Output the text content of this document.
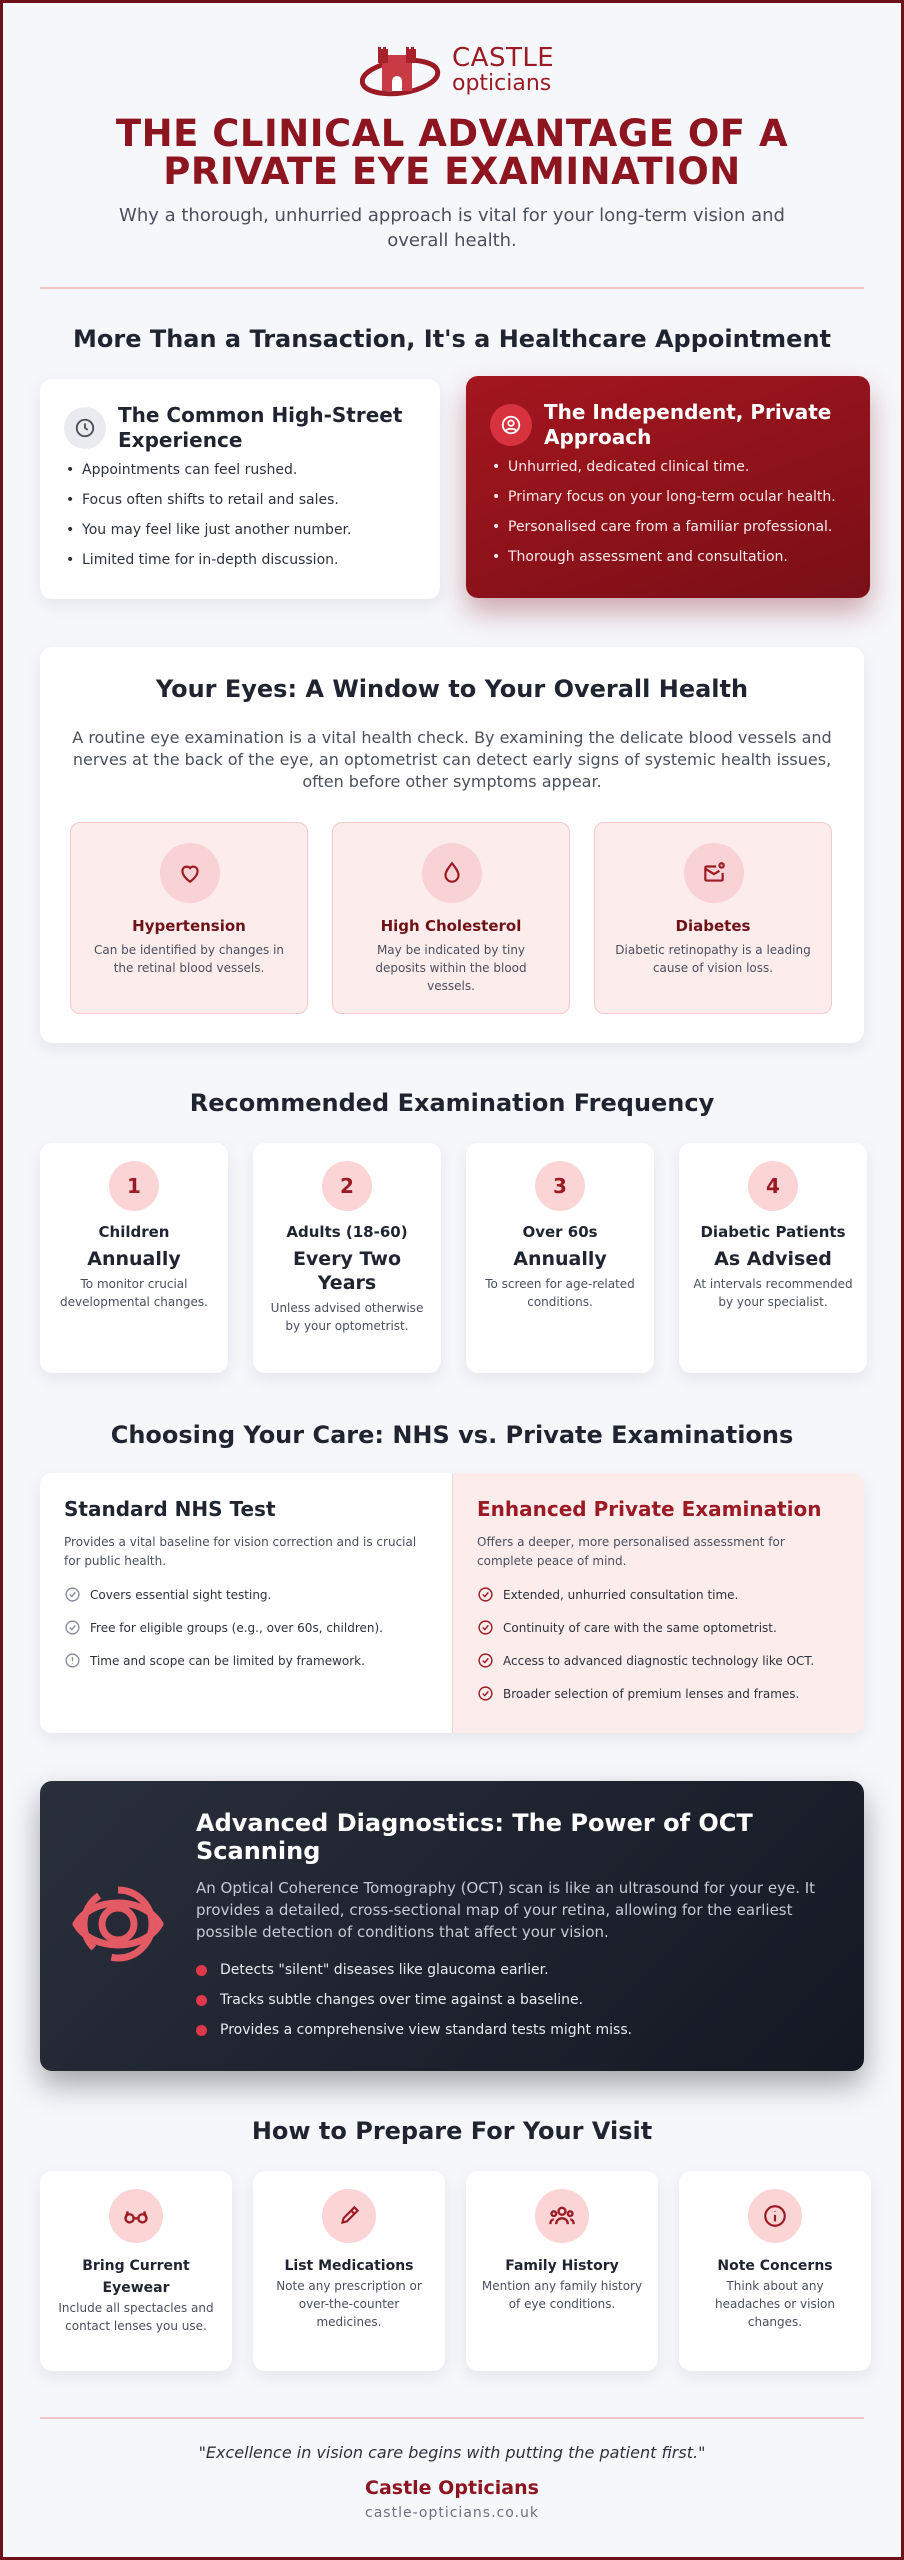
CASTLE
opticians
THE CLINICAL ADVANTAGE OF A PRIVATE EYE EXAMINATION
Why a thorough, unhurried approach is vital for your long-term vision and overall health.
More Than a Transaction, It's a Healthcare Appointment
The Common High-Street Experience
• Appointments can feel rushed.
• Focus often shifts to retail and sales.
• You may feel like just another number.
• Limited time for in-depth discussion.
The Independent, Private Approach
• Unhurried, dedicated clinical time.
• Primary focus on your long-term ocular health.
• Personalised care from a familiar professional.
• Thorough assessment and consultation.
Your Eyes: A Window to Your Overall Health
A routine eye examination is a vital health check. By examining the delicate blood vessels and nerves at the back of the eye, an optometrist can detect early signs of systemic health issues, often before other symptoms appear.
Hypertension
Can be identified by changes in the retinal blood vessels.
High Cholesterol
May be indicated by tiny deposits within the blood vessels.
Diabetes
Diabetic retinopathy is a leading cause of vision loss.
Recommended Examination Frequency
1
Children
Annually
To monitor crucial developmental changes.
2
Adults (18-60)
Every Two Years
Unless advised otherwise by your optometrist.
3
Over 60s
Annually
To screen for age-related conditions.
4
Diabetic Patients
As Advised
At intervals recommended by your specialist.
Choosing Your Care: NHS vs. Private Examinations
Standard NHS Test
Provides a vital baseline for vision correction and is crucial for public health.
Covers essential sight testing.
Free for eligible groups (e.g., over 60s, children).
Time and scope can be limited by framework.
Enhanced Private Examination
Offers a deeper, more personalised assessment for complete peace of mind.
Extended, unhurried consultation time.
Continuity of care with the same optometrist.
Access to advanced diagnostic technology like OCT.
Broader selection of premium lenses and frames.
Advanced Diagnostics: The Power of OCT Scanning
An Optical Coherence Tomography (OCT) scan is like an ultrasound for your eye. It provides a detailed, cross-sectional map of your retina, allowing for the earliest possible detection of conditions that affect your vision.
Detects "silent" diseases like glaucoma earlier.
Tracks subtle changes over time against a baseline.
Provides a comprehensive view standard tests might miss.
How to Prepare For Your Visit
Bring Current Eyewear
Include all spectacles and contact lenses you use.
List Medications
Note any prescription or over-the-counter medicines.
Family History
Mention any family history of eye conditions.
Note Concerns
Think about any headaches or vision changes.
"Excellence in vision care begins with putting the patient first."
Castle Opticians
castle-opticians.co.uk
